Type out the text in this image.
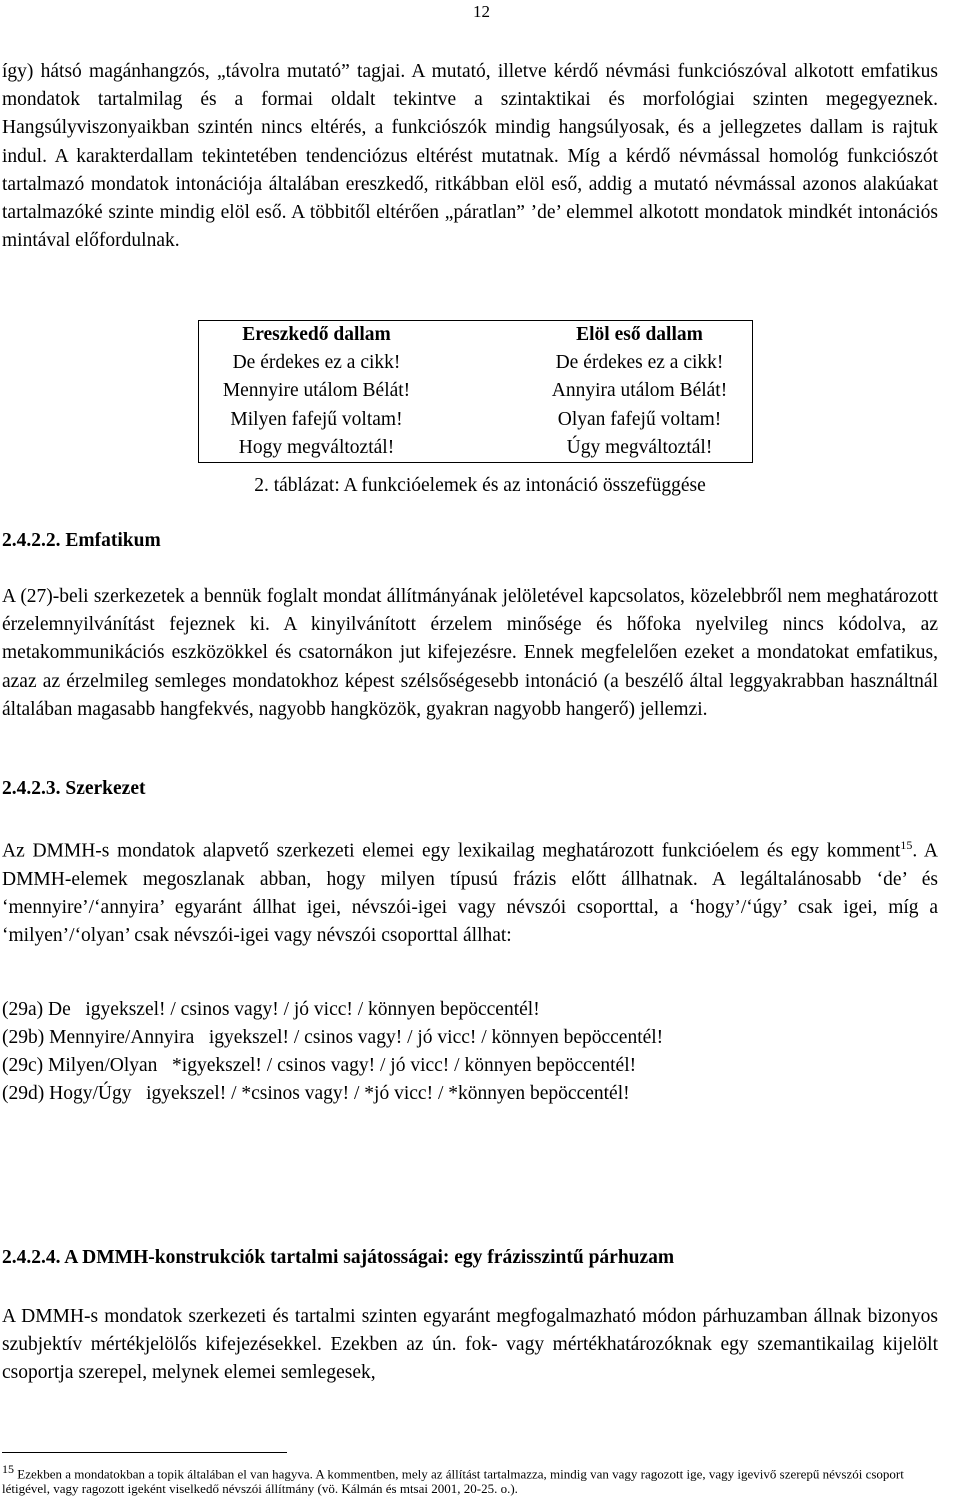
12

így) hátsó magánhangzós, „távolra mutató” tagjai. A mutató, illetve kérdő névmási funkciószóval alkotott emfatikus mondatok tartalmilag és a formai oldalt tekintve a szintaktikai és morfológiai szinten megegyeznek. Hangsúlyviszonyaikban szintén nincs eltérés, a funkciószók mindig hangsúlyosak, és a jellegzetes dallam is rajtuk indul. A karakterdallam tekintetében tendenciózus eltérést mutatnak. Míg a kérdő névmással homológ funkciószót tartalmazó mondatok intonációja általában ereszkedő, ritkábban elöl eső, addig a mutató névmással azonos alakúakat tartalmazóké szinte mindig elöl eső. A többitől eltérően „páratlan” ’de’ elemmel alkotott mondatok mindkét intonációs mintával előfordulnak.

Ereszkedő dallam		Elöl eső dallam
De érdekes ez a cikk!		De érdekes ez a cikk!
Mennyire utálom Bélát!		Annyira utálom Bélát!
Milyen fafejű voltam!		Olyan fafejű voltam!
Hogy megváltoztál!		Úgy megváltoztál!
2. táblázat: A funkcióelemek és az intonáció összefüggése
2.4.2.2. Emfatikum

A (27)-beli szerkezetek a bennük foglalt mondat állítmányának jelöletével kapcsolatos, közelebbről nem meghatározott érzelemnyilvánítást fejeznek ki. A kinyilvánított érzelem minősége és hőfoka nyelvileg nincs kódolva, az metakommunikációs eszközökkel és csatornákon jut kifejezésre. Ennek megfelelően ezeket a mondatokat emfatikus, azaz az érzelmileg semleges mondatokhoz képest szélsőségesebb intonáció (a beszélő által leggyakrabban használtnál általában magasabb hangfekvés, nagyobb hangközök, gyakran nagyobb hangerő) jellemzi.

2.4.2.3. Szerkezet

Az DMMH-s mondatok alapvető szerkezeti elemei egy lexikailag meghatározott funkcióelem és egy komment$^{15}$. A DMMH-elemek megoszlanak abban, hogy milyen típusú frázis előtt állhatnak. A legáltalánosabb ‘de’ és ‘mennyire’/‘annyira’ egyaránt állhat igei, névszói-igei vagy névszói csoporttal, a ‘hogy’/‘úgy’ csak igei, míg a ‘milyen’/‘olyan’ csak névszói-igei vagy névszói csoporttal állhat:

(29a) De   igyekszel! / csinos vagy! / jó vicc! / könnyen bepöccentél!
(29b) Mennyire/Annyira   igyekszel! / csinos vagy! / jó vicc! / könnyen bepöccentél!
(29c) Milyen/Olyan   *igyekszel! / csinos vagy! / jó vicc! / könnyen bepöccentél!
(29d) Hogy/Úgy   igyekszel! / *csinos vagy! / *jó vicc! / *könnyen bepöccentél!
2.4.2.4. A DMMH-konstrukciók tartalmi sajátosságai: egy frázisszintű párhuzam

A DMMH-s mondatok szerkezeti és tartalmi szinten egyaránt megfogalmazható módon párhuzamban állnak bizonyos szubjektív mértékjelölős kifejezésekkel. Ezekben az ún. fok- vagy mértékhatározóknak egy szemantikailag kijelölt csoportja szerepel, melynek elemei semlegesek,

$^{15}$ Ezekben a mondatokban a topik általában el van hagyva. A kommentben, mely az állítást tartalmazza, mindig van vagy ragozott ige, vagy igevivő szerepű névszói csoport létigével, vagy ragozott igeként viselkedő névszói állítmány (vö. Kálmán és mtsai 2001, 20-25. o.).
